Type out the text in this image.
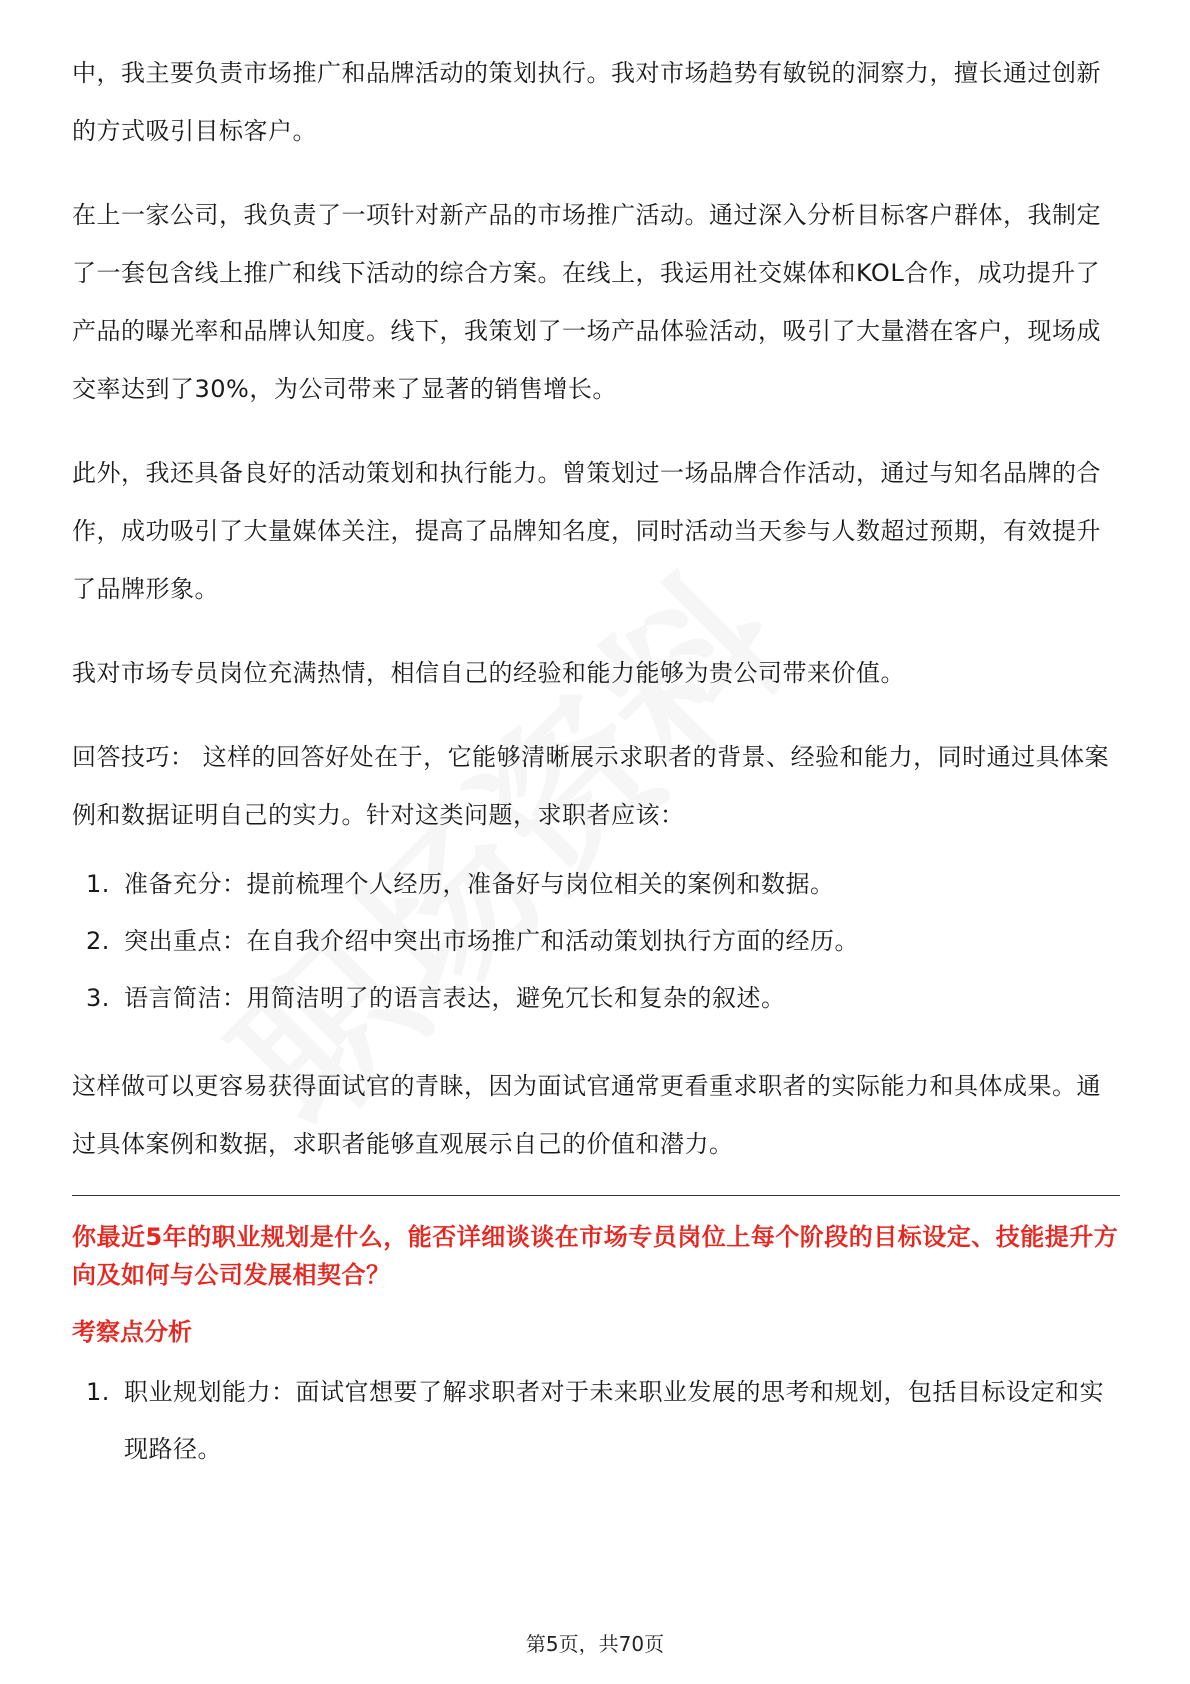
中，我主要负责市场推广和品牌活动的策划执行。我对市场趋势有敏锐的洞察力，擅长通过创新的方式吸引目标客户。

在上一家公司，我负责了一项针对新产品的市场推广活动。通过深入分析目标客户群体，我制定了一套包含线上推广和线下活动的综合方案。在线上，我运用社交媒体和KOL合作，成功提升了产品的曝光率和品牌认知度。线下，我策划了一场产品体验活动，吸引了大量潜在客户，现场成交率达到了30%，为公司带来了显著的销售增长。

此外，我还具备良好的活动策划和执行能力。曾策划过一场品牌合作活动，通过与知名品牌的合作，成功吸引了大量媒体关注，提高了品牌知名度，同时活动当天参与人数超过预期，有效提升了品牌形象。

我对市场专员岗位充满热情，相信自己的经验和能力能够为贵公司带来价值。

回答技巧： 这样的回答好处在于，它能够清晰展示求职者的背景、经验和能力，同时通过具体案例和数据证明自己的实力。针对这类问题，求职者应该：

1. 准备充分：提前梳理个人经历，准备好与岗位相关的案例和数据。
2. 突出重点：在自我介绍中突出市场推广和活动策划执行方面的经历。
3. 语言简洁：用简洁明了的语言表达，避免冗长和复杂的叙述。

这样做可以更容易获得面试官的青睐，因为面试官通常更看重求职者的实际能力和具体成果。通过具体案例和数据，求职者能够直观展示自己的价值和潜力。

你最近5年的职业规划是什么，能否详细谈谈在市场专员岗位上每个阶段的目标设定、技能提升方向及如何与公司发展相契合？
考察点分析
1. 职业规划能力：面试官想要了解求职者对于未来职业发展的思考和规划，包括目标设定和实现路径。
第5页，共70页
